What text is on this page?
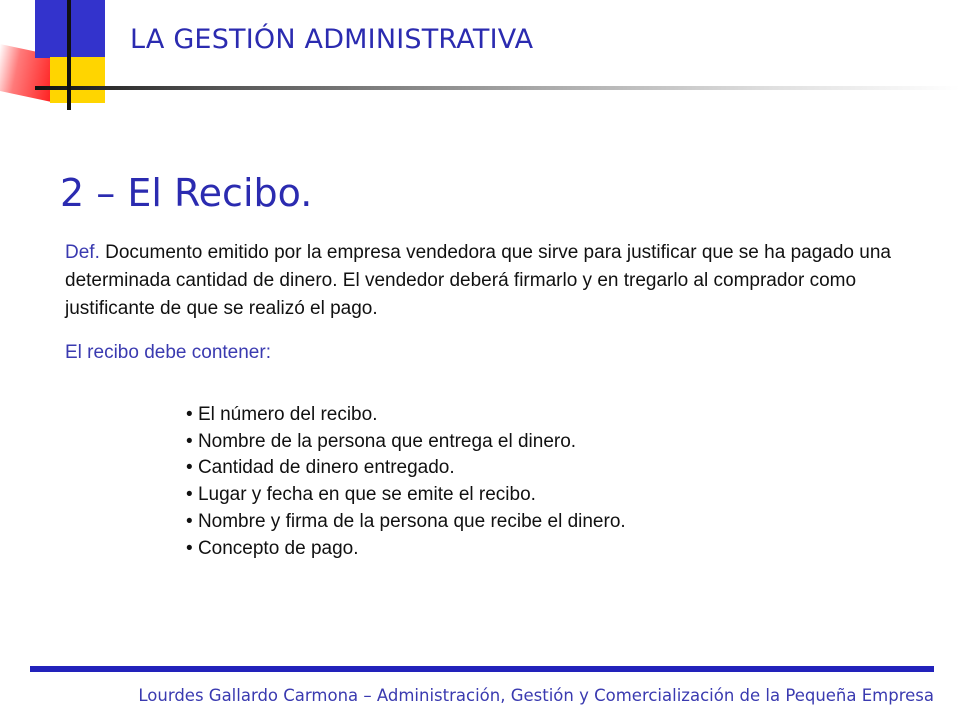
LA GESTIÓN ADMINISTRATIVA
2 – El Recibo.

Def. Documento emitido por la empresa vendedora que sirve para justificar que se ha pagado una determinada cantidad de dinero. El vendedor deberá firmarlo y en tregarlo al comprador como justificante de que se realizó el pago.

El recibo debe contener:
• El número del recibo.
• Nombre de la persona que entrega el dinero.
• Cantidad de dinero entregado.
• Lugar y fecha en que se emite el recibo.
• Nombre y firma de la persona que recibe el dinero.
• Concepto de pago.
Lourdes Gallardo Carmona – Administración, Gestión y Comercialización de la Pequeña Empresa
